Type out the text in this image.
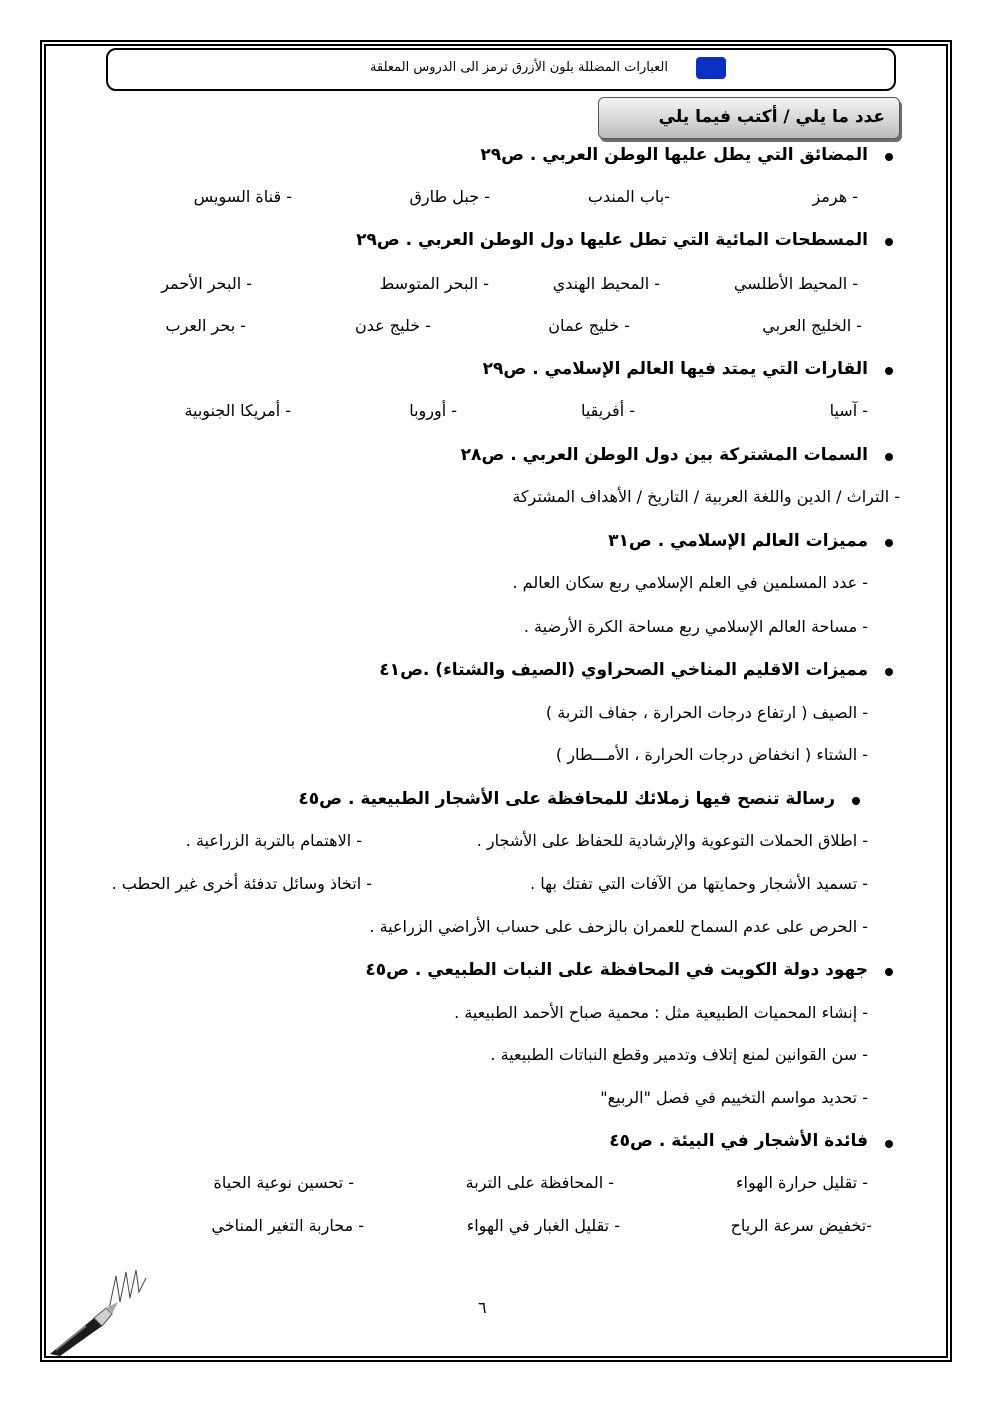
العبارات المضللة بلون الأزرق ترمز الى الدروس المعلقة
عدد ما يلي / أكتب فيما يلي
المضائق التي يطل عليها الوطن العربي . ص٢٩
- هرمز
-باب المندب
- جبل طارق
- قناة السويس
المسطحات المائية التي تطل عليها دول الوطن العربي . ص٢٩
- المحيط الأطلسي
- المحيط الهندي
- البحر المتوسط
- البحر الأحمر
- الخليج العربي
- خليج عمان
- خليج عدن
- بحر العرب
القارات التي يمتد فيها العالم الإسلامي . ص٢٩
- آسيا
- أفريقيا
- أوروبا
- أمريكا الجنوبية
السمات المشتركة بين دول الوطن العربي . ص٢٨
- التراث / الدين واللغة العربية / التاريخ / الأهداف المشتركة
مميزات العالم الإسلامي . ص٣١
- عدد المسلمين في العلم الإسلامي ربع سكان العالم .
- مساحة العالم الإسلامي ربع مساحة الكرة الأرضية .
مميزات الاقليم المناخي الصحراوي (الصيف والشتاء) .ص٤١
- الصيف ( ارتفاع درجات الحرارة ، جفاف التربة )
- الشتاء ( انخفاض درجات الحرارة ، الأمـــطار )
رسالة تنصح فيها زملائك للمحافظة على الأشجار الطبيعية . ص٤٥
- اطلاق الحملات التوعوية والإرشادية للحفاظ على الأشجار .
- الاهتمام بالتربة الزراعية .
- تسميد الأشجار وحمايتها من الآفات التي تفتك بها .
- اتخاذ وسائل تدفئة أخرى غير الحطب .
- الحرص على عدم السماح للعمران بالزحف على حساب الأراضي الزراعية .
جهود دولة الكويت في المحافظة على النبات الطبيعي . ص٤٥
- إنشاء المحميات الطبيعية مثل : محمية صباح الأحمد الطبيعية .
- سن القوانين لمنع إتلاف وتدمير وقطع النباتات الطبيعية .
- تحديد مواسم التخييم في فصل "الربيع"
فائدة الأشجار في البيئة . ص٤٥
- تقليل حرارة الهواء
- المحافظة على التربة
- تحسين نوعية الحياة
-تخفيض سرعة الرياح
- تقليل الغبار في الهواء
- محاربة التغير المناخي
٦
